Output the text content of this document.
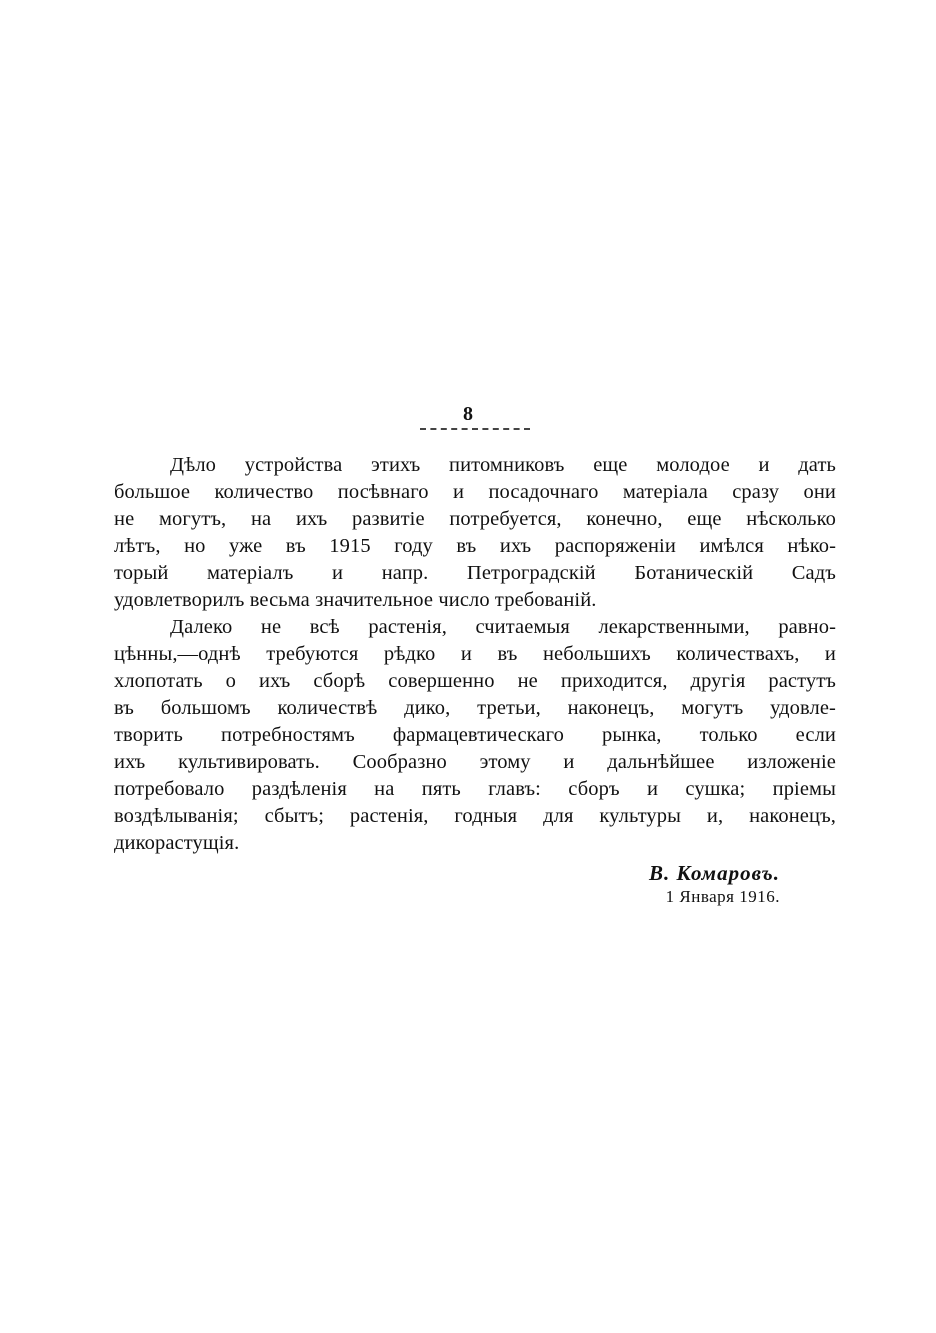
8
Дѣло устройства этихъ питомниковъ еще молодое и дать
большое количество посѣвнаго и посадочнаго матеріала сразу они
не могутъ, на ихъ развитіе потребуется, конечно, еще нѣсколько
лѣтъ, но уже въ 1915 году въ ихъ распоряженіи имѣлся нѣко-
торый матеріалъ и напр. Петроградскій Ботаническій Садъ
удовлетворилъ весьма значительное число требованій.
Далеко не всѣ растенія, считаемыя лекарственными, равно-
цѣнны,—однѣ требуются рѣдко и въ небольшихъ количествахъ, и
хлопотать о ихъ сборѣ совершенно не приходится, другія растутъ
въ большомъ количествѣ дико, третьи, наконецъ, могутъ удовле-
творить потребностямъ фармацевтическаго рынка, только если
ихъ культивировать. Сообразно этому и дальнѣйшее изложеніе
потребовало раздѣленія на пять главъ: сборъ и сушка; пріемы
воздѣлыванія; сбытъ; растенія, годныя для культуры и, наконецъ,
дикорастущія.
В. Комаровъ.
1 Января 1916.
